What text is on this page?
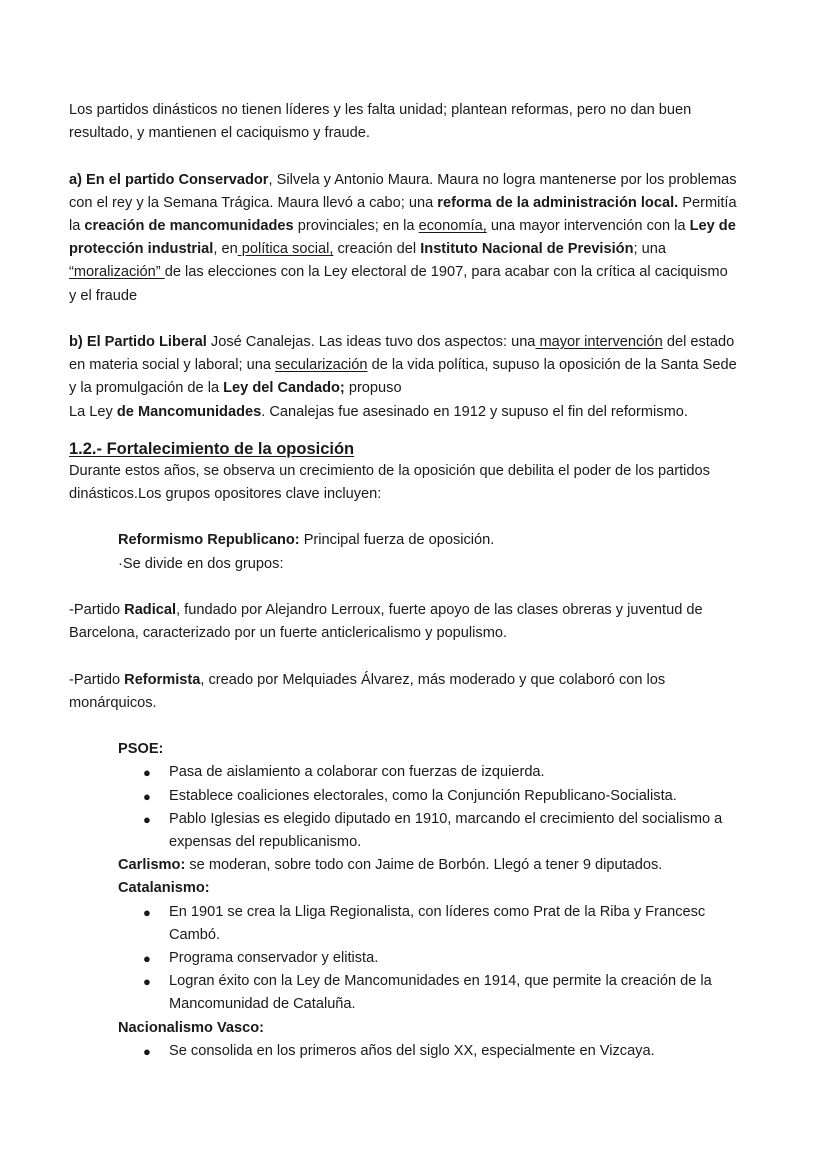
Los partidos dinásticos no tienen líderes y les falta unidad; plantean reformas, pero no dan buen resultado, y mantienen el caciquismo y fraude.

a) En el partido Conservador, Silvela y Antonio Maura. Maura no logra mantenerse por los problemas con el rey y la Semana Trágica. Maura llevó a cabo; una reforma de la administración local. Permitía la creación de mancomunidades provinciales; en la economía, una mayor intervención con la Ley de protección industrial, en política social, creación del Instituto Nacional de Previsión; una “moralización” de las elecciones con la Ley electoral de 1907, para acabar con la crítica al caciquismo y el fraude

b) El Partido Liberal José Canalejas. Las ideas tuvo dos aspectos: una mayor intervención del estado en materia social y laboral; una secularización de la vida política, supuso la oposición de la Santa Sede y la promulgación de la Ley del Candado; propuso

La Ley de Mancomunidades. Canalejas fue asesinado en 1912 y supuso el fin del reformismo.

1.2.- Fortalecimiento de la oposición

Durante estos años, se observa un crecimiento de la oposición que debilita el poder de los partidos dinásticos.Los grupos opositores clave incluyen:

Reformismo Republicano: Principal fuerza de oposición.

·Se divide en dos grupos:

-Partido Radical, fundado por Alejandro Lerroux, fuerte apoyo de las clases obreras y juventud de Barcelona, caracterizado por un fuerte anticlericalismo y populismo.

-Partido Reformista, creado por Melquiades Álvarez, más moderado y que colaboró con los monárquicos.

PSOE:

● Pasa de aislamiento a colaborar con fuerzas de izquierda.
● Establece coaliciones electorales, como la Conjunción Republicano-Socialista.
● Pablo Iglesias es elegido diputado en 1910, marcando el crecimiento del socialismo a expensas del republicanismo.

Carlismo: se moderan, sobre todo con Jaime de Borbón. Llegó a tener 9 diputados.

Catalanismo:

● En 1901 se crea la Lliga Regionalista, con líderes como Prat de la Riba y Francesc Cambó.
● Programa conservador y elitista.
● Logran éxito con la Ley de Mancomunidades en 1914, que permite la creación de la Mancomunidad de Cataluña.

Nacionalismo Vasco:

● Se consolida en los primeros años del siglo XX, especialmente en Vizcaya.
